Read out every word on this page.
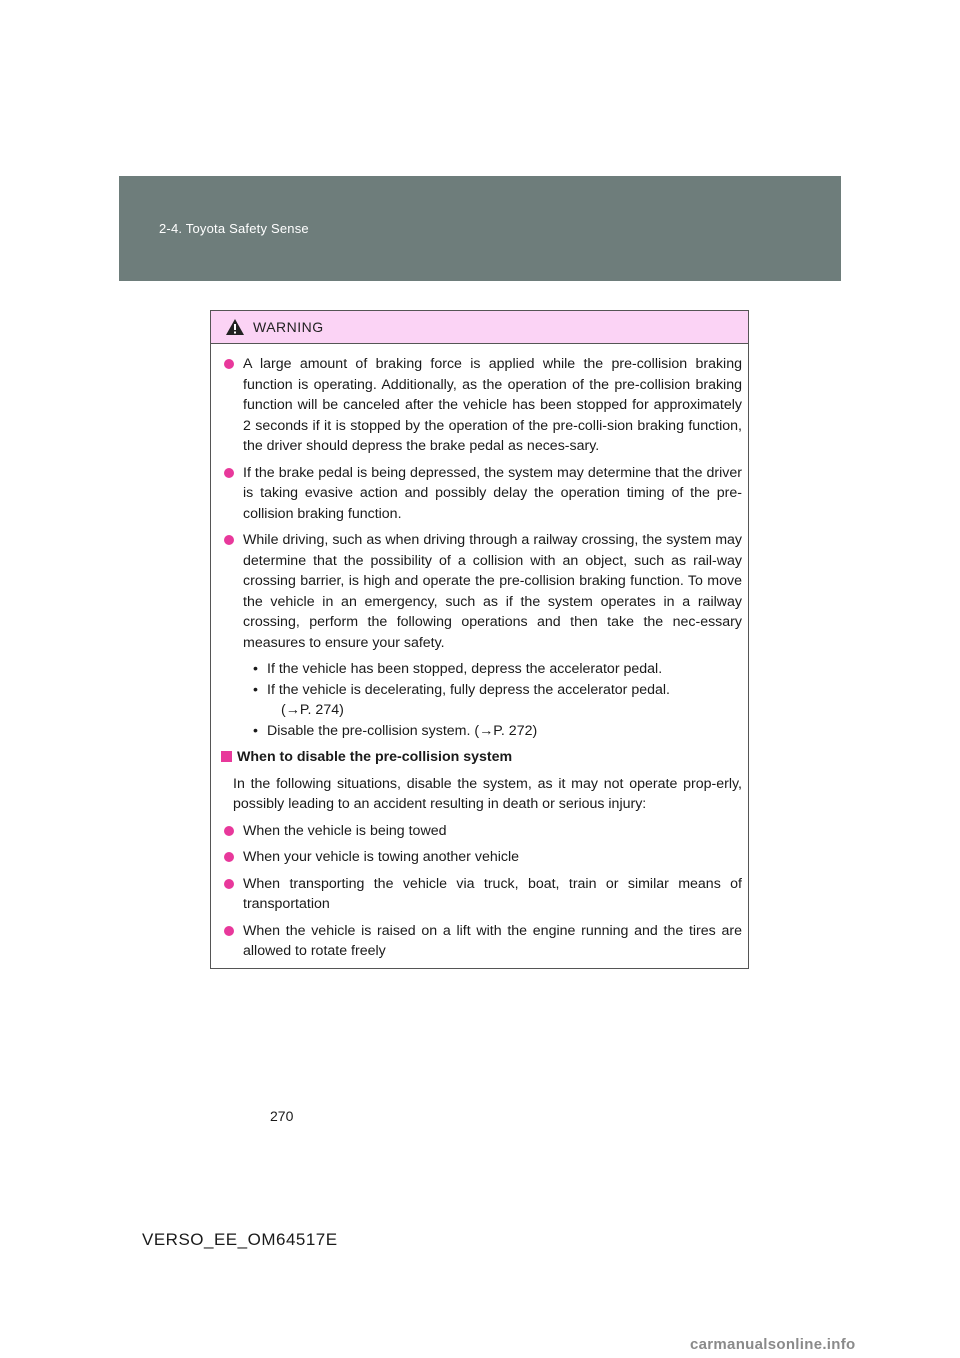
2-4. Toyota Safety Sense
WARNING
A large amount of braking force is applied while the pre-collision braking function is operating. Additionally, as the operation of the pre-collision braking function will be canceled after the vehicle has been stopped for approximately 2 seconds if it is stopped by the operation of the pre-colli-sion braking function, the driver should depress the brake pedal as neces-sary.
If the brake pedal is being depressed, the system may determine that the driver is taking evasive action and possibly delay the operation timing of the pre-collision braking function.
While driving, such as when driving through a railway crossing, the system may determine that the possibility of a collision with an object, such as rail-way crossing barrier, is high and operate the pre-collision braking function. To move the vehicle in an emergency, such as if the system operates in a railway crossing, perform the following operations and then take the nec-essary measures to ensure your safety.
• If the vehicle has been stopped, depress the accelerator pedal.
• If the vehicle is decelerating, fully depress the accelerator pedal.
(→P. 274)
• Disable the pre-collision system. (→P. 272)
When to disable the pre-collision system
In the following situations, disable the system, as it may not operate prop-erly, possibly leading to an accident resulting in death or serious injury:
When the vehicle is being towed
When your vehicle is towing another vehicle
When transporting the vehicle via truck, boat, train or similar means of transportation
When the vehicle is raised on a lift with the engine running and the tires are allowed to rotate freely
270
VERSO_EE_OM64517E
carmanualsonline.info
